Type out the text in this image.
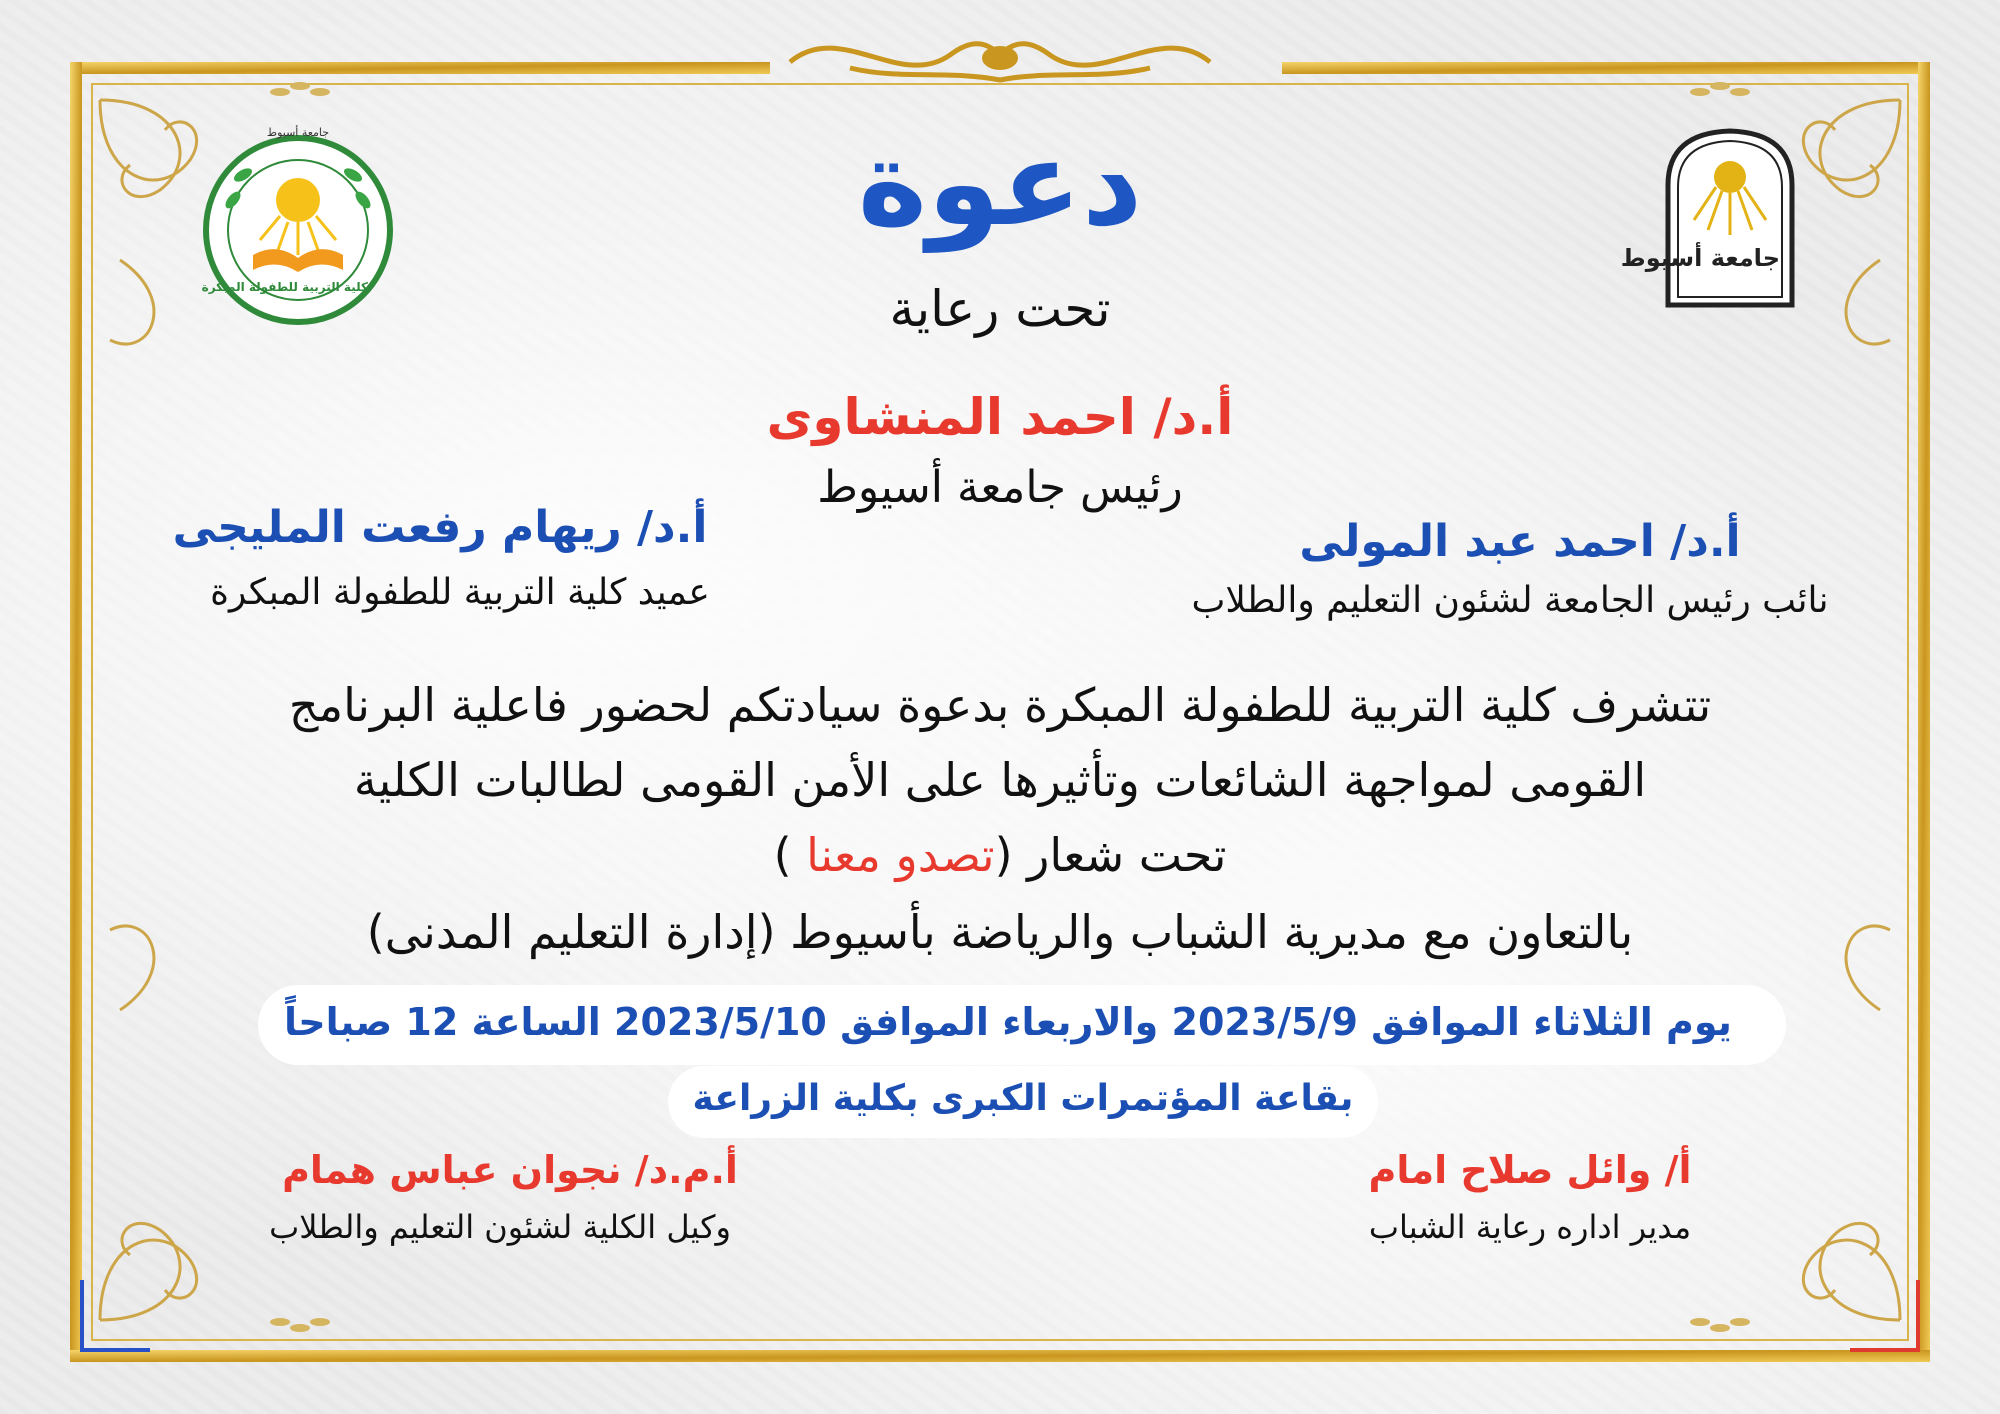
كلية التربية للطفولة المبكرة
جامعة أسيوط
جامعة أسيوط
دعوة
تحت رعاية
أ.د/ احمد المنشاوى
رئيس جامعة أسيوط
أ.د/ احمد عبد المولى
نائب رئيس الجامعة لشئون التعليم والطلاب
أ.د/ ريهام رفعت المليجى
عميد كلية التربية للطفولة المبكرة
تتشرف كلية التربية للطفولة المبكرة بدعوة سيادتكم لحضور فاعلية البرنامج
القومى لمواجهة الشائعات وتأثيرها على الأمن القومى لطالبات الكلية
تحت شعار (تصدو معنا )
بالتعاون مع مديرية الشباب والرياضة بأسيوط (إدارة التعليم المدنى)
يوم الثلاثاء الموافق 2023/5/9 والاربعاء الموافق 2023/5/10 الساعة 12 صباحاً
بقاعة المؤتمرات الكبرى بكلية الزراعة
أ/ وائل صلاح امام
مدير اداره رعاية الشباب
أ.م.د/ نجوان عباس همام
وكيل الكلية لشئون التعليم والطلاب
